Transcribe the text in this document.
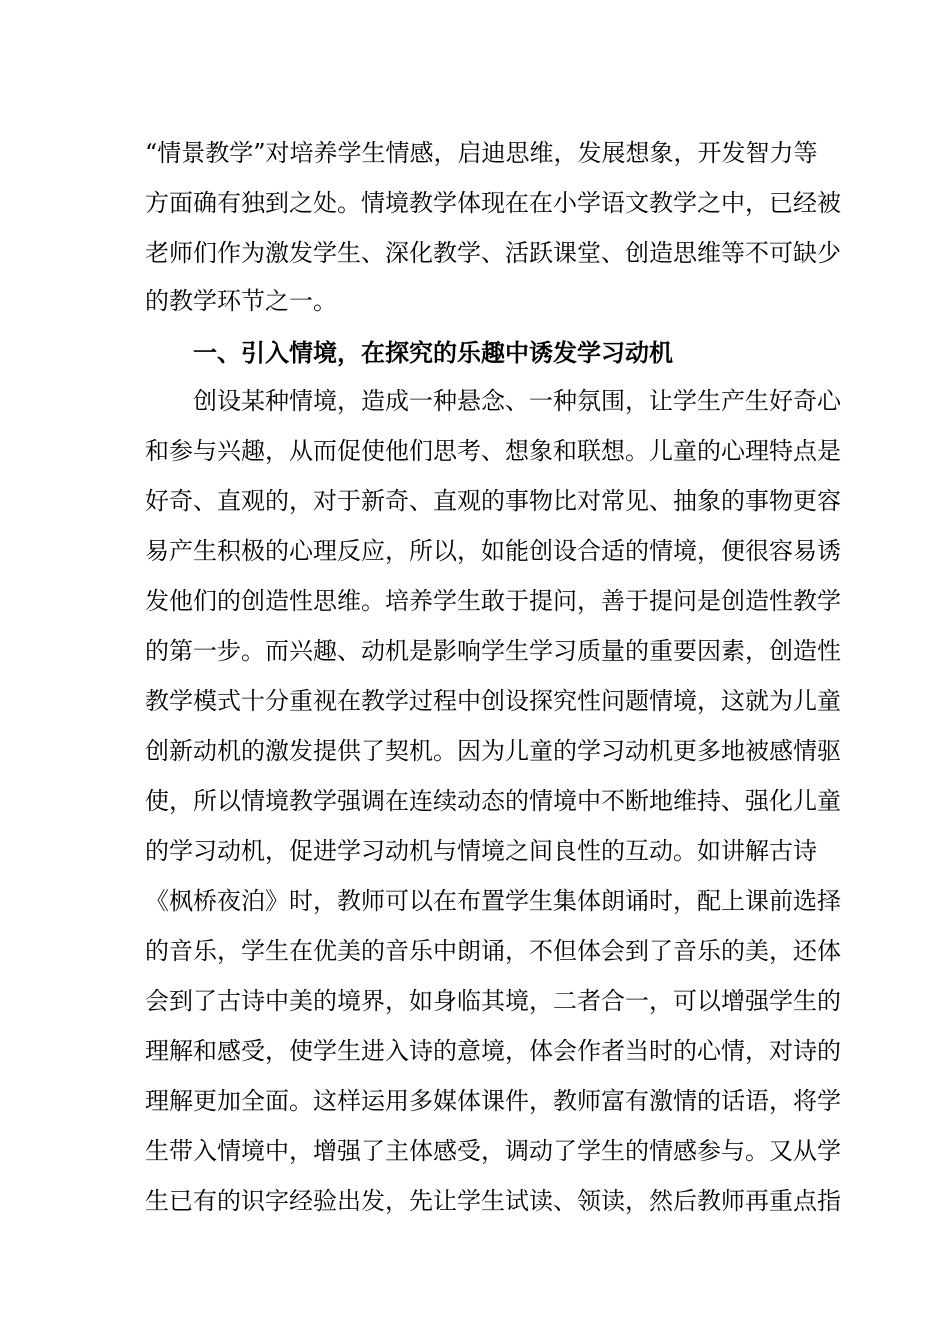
“情景教学”对培养学生情感，启迪思维，发展想象，开发智力等
方面确有独到之处。情境教学体现在在小学语文教学之中，已经被
老师们作为激发学生、深化教学、活跃课堂、创造思维等不可缺少
的教学环节之一。
一、引入情境，在探究的乐趣中诱发学习动机
创设某种情境，造成一种悬念、一种氛围，让学生产生好奇心
和参与兴趣，从而促使他们思考、想象和联想。儿童的心理特点是
好奇、直观的，对于新奇、直观的事物比对常见、抽象的事物更容
易产生积极的心理反应，所以，如能创设合适的情境，便很容易诱
发他们的创造性思维。培养学生敢于提问，善于提问是创造性教学
的第一步。而兴趣、动机是影响学生学习质量的重要因素，创造性
教学模式十分重视在教学过程中创设探究性问题情境，这就为儿童
创新动机的激发提供了契机。因为儿童的学习动机更多地被感情驱
使，所以情境教学强调在连续动态的情境中不断地维持、强化儿童
的学习动机，促进学习动机与情境之间良性的互动。如讲解古诗
《枫桥夜泊》时，教师可以在布置学生集体朗诵时，配上课前选择
的音乐，学生在优美的音乐中朗诵，不但体会到了音乐的美，还体
会到了古诗中美的境界，如身临其境，二者合一，可以增强学生的
理解和感受，使学生进入诗的意境，体会作者当时的心情，对诗的
理解更加全面。这样运用多媒体课件，教师富有激情的话语，将学
生带入情境中，增强了主体感受，调动了学生的情感参与。又从学
生已有的识字经验出发，先让学生试读、领读，然后教师再重点指
